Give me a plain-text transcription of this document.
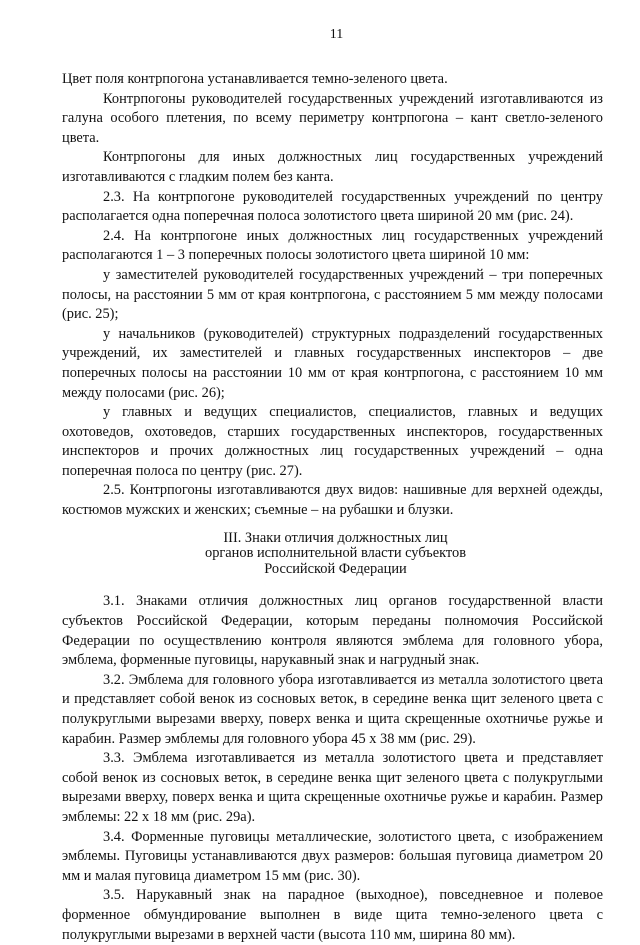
11

Цвет поля контрпогона устанавливается темно-зеленого цвета.

Контрпогоны руководителей государственных учреждений изготавливаются из галуна особого плетения, по всему периметру контрпогона – кант светло-зеленого цвета.

Контрпогоны для иных должностных лиц государственных учреждений изготавливаются с гладким полем без канта.

2.3. На контрпогоне руководителей государственных учреждений по центру располагается одна поперечная полоса золотистого цвета шириной 20 мм (рис. 24).

2.4. На контрпогоне иных должностных лиц государственных учреждений располагаются 1 – 3 поперечных полосы золотистого цвета шириной 10 мм:

у заместителей руководителей государственных учреждений – три поперечных полосы, на расстоянии 5 мм от края контрпогона, с расстоянием 5 мм между полосами (рис. 25);

у начальников (руководителей) структурных подразделений государственных учреждений, их заместителей и главных государственных инспекторов – две поперечных полосы на расстоянии 10 мм от края контрпогона, с расстоянием 10 мм между полосами (рис. 26);

у главных и ведущих специалистов, специалистов, главных и ведущих охотоведов, охотоведов, старших государственных инспекторов, государственных инспекторов и прочих должностных лиц государственных учреждений – одна поперечная полоса по центру (рис. 27).

2.5. Контрпогоны изготавливаются двух видов: нашивные для верхней одежды, костюмов мужских и женских; съемные – на рубашки и блузки.

III. Знаки отличия должностных лиц
органов исполнительной власти субъектов
Российской Федерации

3.1. Знаками отличия должностных лиц органов государственной власти субъектов Российской Федерации, которым переданы полномочия Российской Федерации по осуществлению контроля являются эмблема для головного убора, эмблема, форменные пуговицы, нарукавный знак и нагрудный знак.

3.2. Эмблема для головного убора изготавливается из металла золотистого цвета и представляет собой венок из сосновых веток, в середине венка щит зеленого цвета с полукруглыми вырезами вверху, поверх венка и щита скрещенные охотничье ружье и карабин. Размер эмблемы для головного убора 45 х 38 мм (рис. 29).

3.3. Эмблема изготавливается из металла золотистого цвета и представляет собой венок из сосновых веток, в середине венка щит зеленого цвета с полукруглыми вырезами вверху, поверх венка и щита скрещенные охотничье ружье и карабин. Размер эмблемы: 22 х 18 мм (рис. 29а).

3.4. Форменные пуговицы металлические, золотистого цвета, с изображением эмблемы. Пуговицы устанавливаются двух размеров: большая пуговица диаметром 20 мм и малая пуговица диаметром 15 мм (рис. 30).

3.5. Нарукавный знак на парадное (выходное), повседневное и полевое форменное обмундирование выполнен в виде щита темно-зеленого цвета с полукруглыми вырезами в верхней части (высота 110 мм, ширина 80 мм).
